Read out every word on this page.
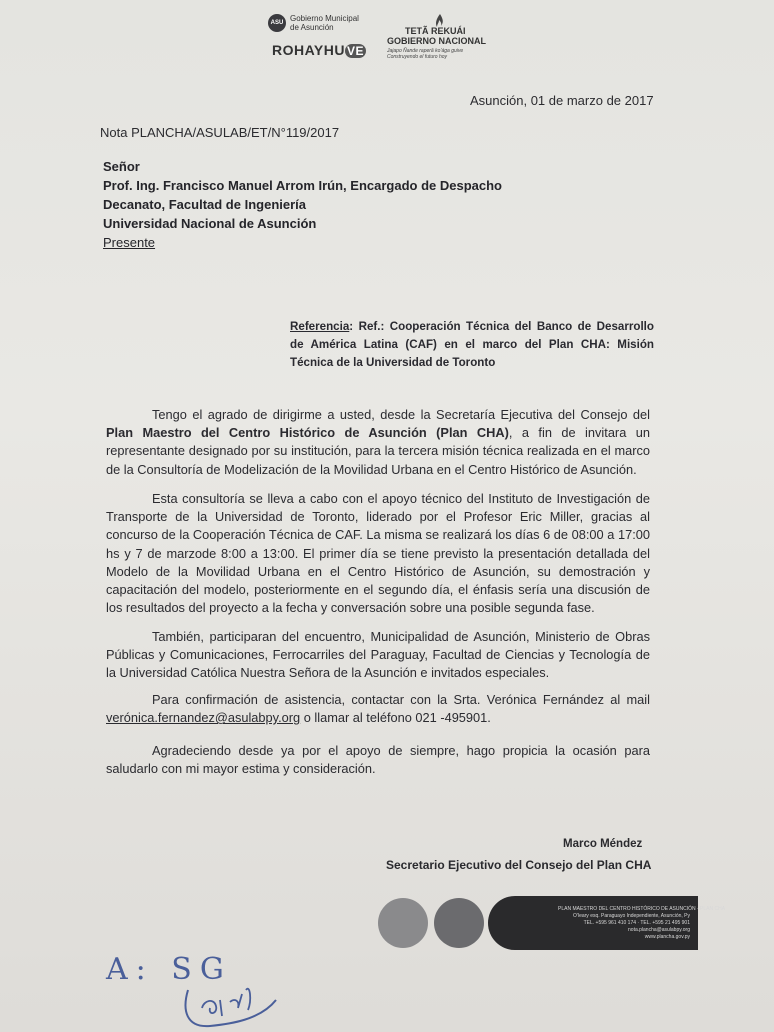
ASU Gobierno Municipal
de Asunción
ROHAYHU VE
TETÃ REKUÁI
GOBIERNO NACIONAL
Jajapo Ñande raperã koʼága guive
Construyendo el futuro hoy
Asunción, 01 de marzo de 2017
Nota PLANCHA/ASULAB/ET/N°119/2017
Señor
Prof. Ing. Francisco Manuel Arrom Irún, Encargado de Despacho
Decanato, Facultad de Ingeniería
Universidad Nacional de Asunción
Presente
Referencia: Ref.: Cooperación Técnica del Banco de Desarrollo de América Latina (CAF) en el marco del Plan CHA: Misión Técnica de la Universidad de Toronto

Tengo el agrado de dirigirme a usted, desde la Secretaría Ejecutiva del Consejo del Plan Maestro del Centro Histórico de Asunción (Plan CHA), a fin de invitara un representante designado por su institución, para la tercera misión técnica realizada en el marco de la Consultoría de Modelización de la Movilidad Urbana en el Centro Histórico de Asunción.

Esta consultoría se lleva a cabo con el apoyo técnico del Instituto de Investigación de Transporte de la Universidad de Toronto, liderado por el Profesor Eric Miller, gracias al concurso de la Cooperación Técnica de CAF. La misma se realizará los días 6 de 08:00 a 17:00 hs y 7 de marzode 8:00 a 13:00. El primer día se tiene previsto la presentación detallada del Modelo de la Movilidad Urbana en el Centro Histórico de Asunción, su demostración y capacitación del modelo, posteriormente en el segundo día, el énfasis sería una discusión de los resultados del proyecto a la fecha y conversación sobre una posible segunda fase.

También, participaran del encuentro, Municipalidad de Asunción, Ministerio de Obras Públicas y Comunicaciones, Ferrocarriles del Paraguay, Facultad de Ciencias y Tecnología de la Universidad Católica Nuestra Señora de la Asunción e invitados especiales.

Para confirmación de asistencia, contactar con la Srta. Verónica Fernández al mail verónica.fernandez@asulabpy.org o llamar al teléfono 021 -495901.

Agradeciendo desde ya por el apoyo de siempre, hago propicia la ocasión para saludarlo con mi mayor estima y consideración.

Marco Méndez
Secretario Ejecutivo del Consejo del Plan CHA
PLAN MAESTRO DEL CENTRO HISTÓRICO DE ASUNCIÓN · PLAN CHA
Oʼleary esq. Paraguayo Independiente, Asunción, Py
TEL. +595 961 410 174 · TEL. +595 21 495 901
nota.plancha@asulabpy.org
www.plancha.gov.py
A: SG
